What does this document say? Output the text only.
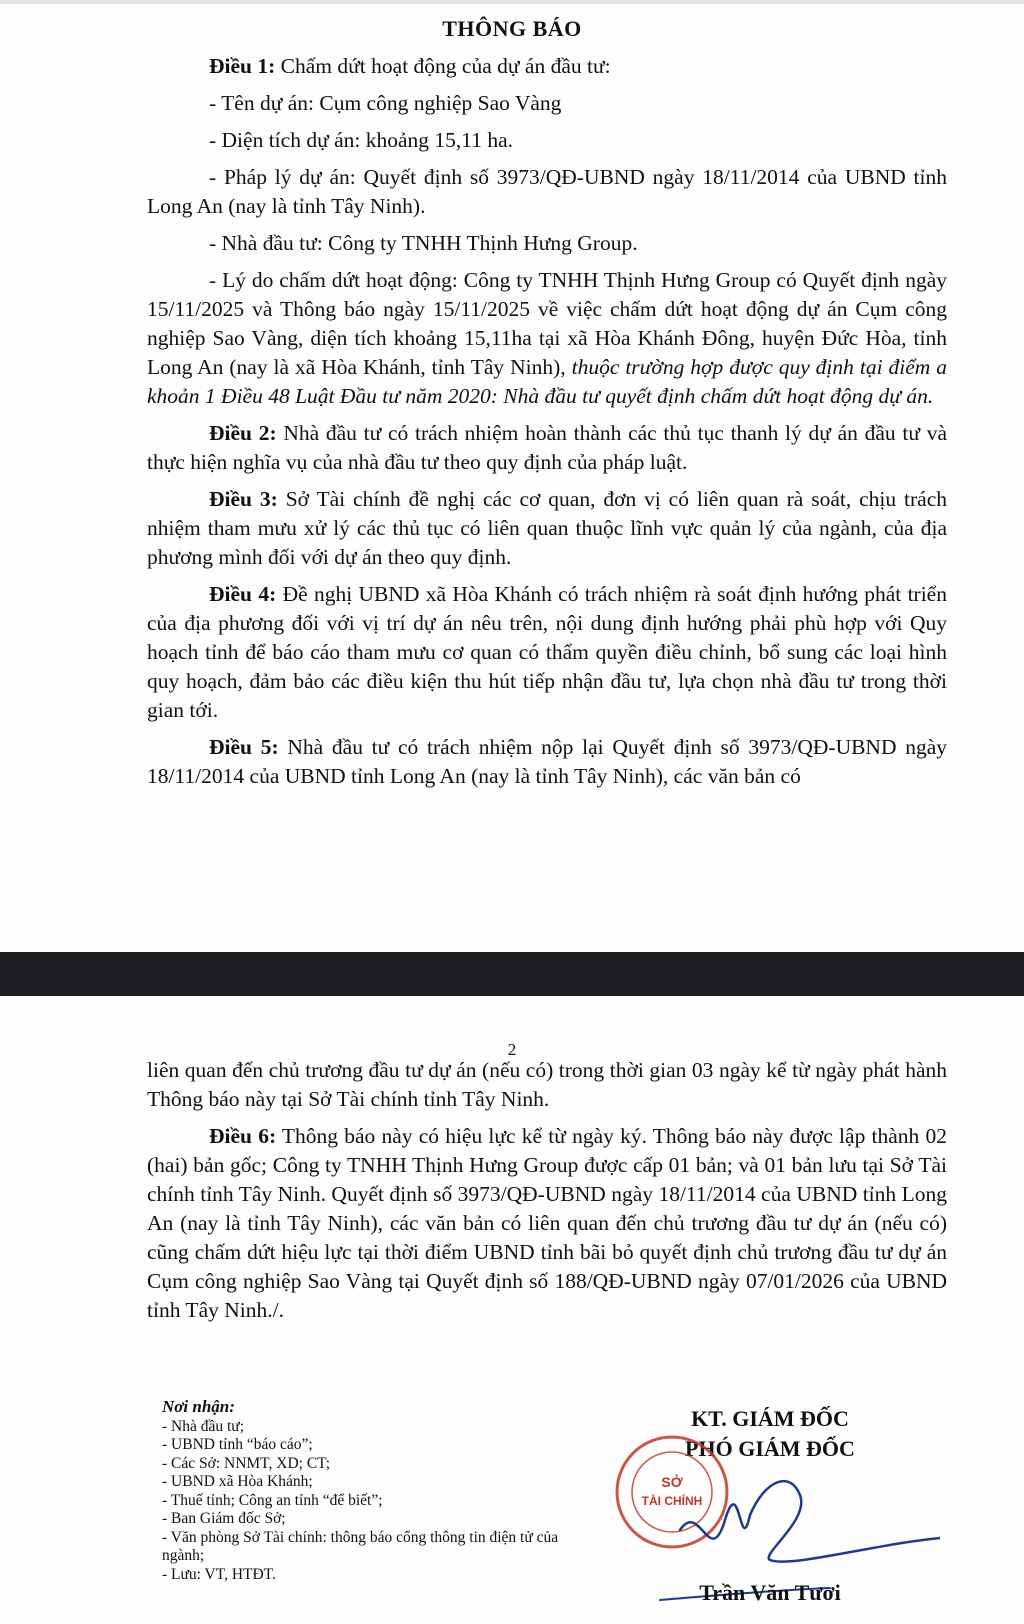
THÔNG BÁO

Điều 1: Chấm dứt hoạt động của dự án đầu tư:

- Tên dự án: Cụm công nghiệp Sao Vàng

- Diện tích dự án: khoảng 15,11 ha.

- Pháp lý dự án: Quyết định số 3973/QĐ-UBND ngày 18/11/2014 của UBND tỉnh Long An (nay là tỉnh Tây Ninh).

- Nhà đầu tư: Công ty TNHH Thịnh Hưng Group.

- Lý do chấm dứt hoạt động: Công ty TNHH Thịnh Hưng Group có Quyết định ngày 15/11/2025 và Thông báo ngày 15/11/2025 về việc chấm dứt hoạt động dự án Cụm công nghiệp Sao Vàng, diện tích khoảng 15,11ha tại xã Hòa Khánh Đông, huyện Đức Hòa, tỉnh Long An (nay là xã Hòa Khánh, tỉnh Tây Ninh), thuộc trường hợp được quy định tại điểm a khoản 1 Điều 48 Luật Đầu tư năm 2020: Nhà đầu tư quyết định chấm dứt hoạt động dự án.

Điều 2: Nhà đầu tư có trách nhiệm hoàn thành các thủ tục thanh lý dự án đầu tư và thực hiện nghĩa vụ của nhà đầu tư theo quy định của pháp luật.

Điều 3: Sở Tài chính đề nghị các cơ quan, đơn vị có liên quan rà soát, chịu trách nhiệm tham mưu xử lý các thủ tục có liên quan thuộc lĩnh vực quản lý của ngành, của địa phương mình đối với dự án theo quy định.

Điều 4: Đề nghị UBND xã Hòa Khánh có trách nhiệm rà soát định hướng phát triển của địa phương đối với vị trí dự án nêu trên, nội dung định hướng phải phù hợp với Quy hoạch tỉnh để báo cáo tham mưu cơ quan có thẩm quyền điều chỉnh, bổ sung các loại hình quy hoạch, đảm bảo các điều kiện thu hút tiếp nhận đầu tư, lựa chọn nhà đầu tư trong thời gian tới.

Điều 5: Nhà đầu tư có trách nhiệm nộp lại Quyết định số 3973/QĐ-UBND ngày 18/11/2014 của UBND tỉnh Long An (nay là tỉnh Tây Ninh), các văn bản có

2

liên quan đến chủ trương đầu tư dự án (nếu có) trong thời gian 03 ngày kể từ ngày phát hành Thông báo này tại Sở Tài chính tỉnh Tây Ninh.

Điều 6: Thông báo này có hiệu lực kể từ ngày ký. Thông báo này được lập thành 02 (hai) bản gốc; Công ty TNHH Thịnh Hưng Group được cấp 01 bản; và 01 bản lưu tại Sở Tài chính tỉnh Tây Ninh. Quyết định số 3973/QĐ-UBND ngày 18/11/2014 của UBND tỉnh Long An (nay là tỉnh Tây Ninh), các văn bản có liên quan đến chủ trương đầu tư dự án (nếu có) cũng chấm dứt hiệu lực tại thời điểm UBND tỉnh bãi bỏ quyết định chủ trương đầu tư dự án Cụm công nghiệp Sao Vàng tại Quyết định số 188/QĐ-UBND ngày 07/01/2026 của UBND tỉnh Tây Ninh./.

Nơi nhận:
- Nhà đầu tư;
- UBND tỉnh “báo cáo”;
- Các Sở: NNMT, XD; CT;
- UBND xã Hòa Khánh;
- Thuế tỉnh; Công an tỉnh “để biết”;
- Ban Giám đốc Sở;
- Văn phòng Sở Tài chính: thông báo cổng thông tin điện tử của ngành;
- Lưu: VT, HTĐT.
KT. GIÁM ĐỐC
PHÓ GIÁM ĐỐC
SỞ
TÀI CHÍNH
Trần Văn Tươi
